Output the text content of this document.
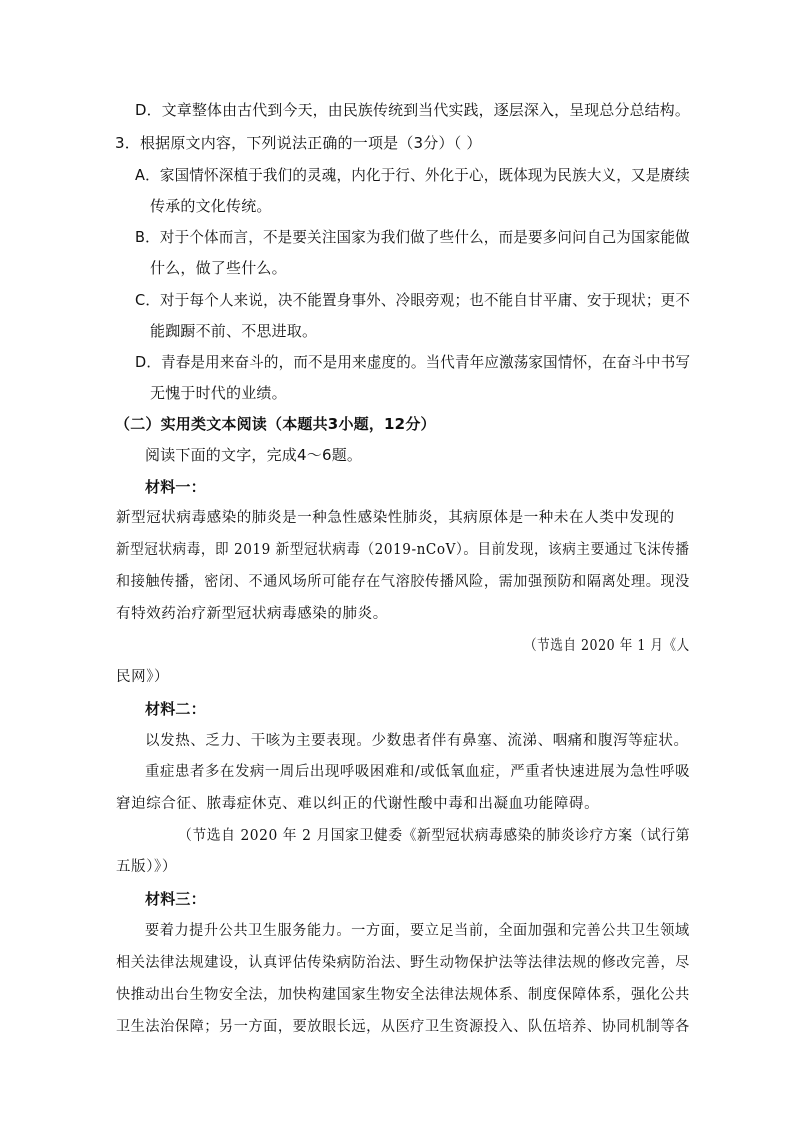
D．文章整体由古代到今天，由民族传统到当代实践，逐层深入，呈现总分总结构。
3．根据原文内容，下列说法正确的一项是（3分）（ ）
A．家国情怀深植于我们的灵魂，内化于行、外化于心，既体现为民族大义，又是赓续
传承的文化传统。
B．对于个体而言，不是要关注国家为我们做了些什么，而是要多问问自己为国家能做
什么，做了些什么。
C．对于每个人来说，决不能置身事外、冷眼旁观；也不能自甘平庸、安于现状；更不
能踟蹰不前、不思进取。
D．青春是用来奋斗的，而不是用来虚度的。当代青年应激荡家国情怀，在奋斗中书写
无愧于时代的业绩。
（二）实用类文本阅读（本题共3小题，12分）
阅读下面的文字，完成4～6题。
材料一：
新型冠状病毒感染的肺炎是一种急性感染性肺炎，其病原体是一种未在人类中发现的
新型冠状病毒，即 2019 新型冠状病毒（2019-nCoV）。目前发现，该病主要通过飞沫传播
和接触传播，密闭、不通风场所可能存在气溶胶传播风险，需加强预防和隔离处理。现没
有特效药治疗新型冠状病毒感染的肺炎。
（节选自 2020 年 1 月《人
民网》）
材料二：
以发热、乏力、干咳为主要表现。少数患者伴有鼻塞、流涕、咽痛和腹泻等症状。
重症患者多在发病一周后出现呼吸困难和/或低氧血症，严重者快速进展为急性呼吸
窘迫综合征、脓毒症休克、难以纠正的代谢性酸中毒和出凝血功能障碍。
（节选自 2020 年 2 月国家卫健委《新型冠状病毒感染的肺炎诊疗方案（试行第
五版）》）
材料三：
要着力提升公共卫生服务能力。一方面，要立足当前，全面加强和完善公共卫生领域
相关法律法规建设，认真评估传染病防治法、野生动物保护法等法律法规的修改完善，尽
快推动出台生物安全法，加快构建国家生物安全法律法规体系、制度保障体系，强化公共
卫生法治保障；另一方面，要放眼长远，从医疗卫生资源投入、队伍培养、协同机制等各
